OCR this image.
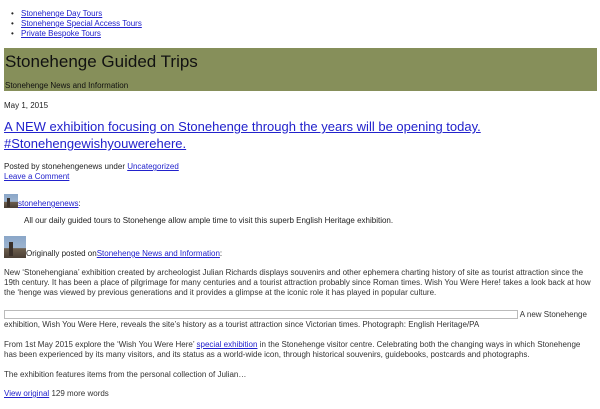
• Stonehenge Day Tours
• Stonehenge Special Access Tours
• Private Bespoke Tours
Stonehenge Guided Trips
Stonehenge News and Information
May 1, 2015
A NEW exhibition focusing on Stonehenge through the years will be opening today. #Stonehengewishyouwerehere.
Posted by stonehengenews under Uncategorized
Leave a Comment
stonehengenews :
All our daily guided tours to Stonehenge allow ample time to visit this superb English Heritage exhibition.
Originally posted on Stonehenge News and Information :

New ‘Stonehengiana’ exhibition created by archeologist Julian Richards displays souvenirs and other ephemera charting history of site as tourist attraction since the 19th century. It has been a place of pilgrimage for many centuries and a tourist attraction probably since Roman times. Wish You Were Here! takes a look back at how the ‘henge was viewed by previous generations and it provides a glimpse at the iconic role it has played in popular culture.

A new Stonehenge
exhibition, Wish You Were Here, reveals the site’s history as a tourist attraction since Victorian times. Photograph: English Heritage/PA

From 1st May 2015 explore the ‘Wish You Were Here’ special exhibition in the Stonehenge visitor centre. Celebrating both the changing ways in which Stonehenge has been experienced by its many visitors, and its status as a world-wide icon, through historical souvenirs, guidebooks, postcards and photographs.

The exhibition features items from the personal collection of Julian…

View original 129 more words
